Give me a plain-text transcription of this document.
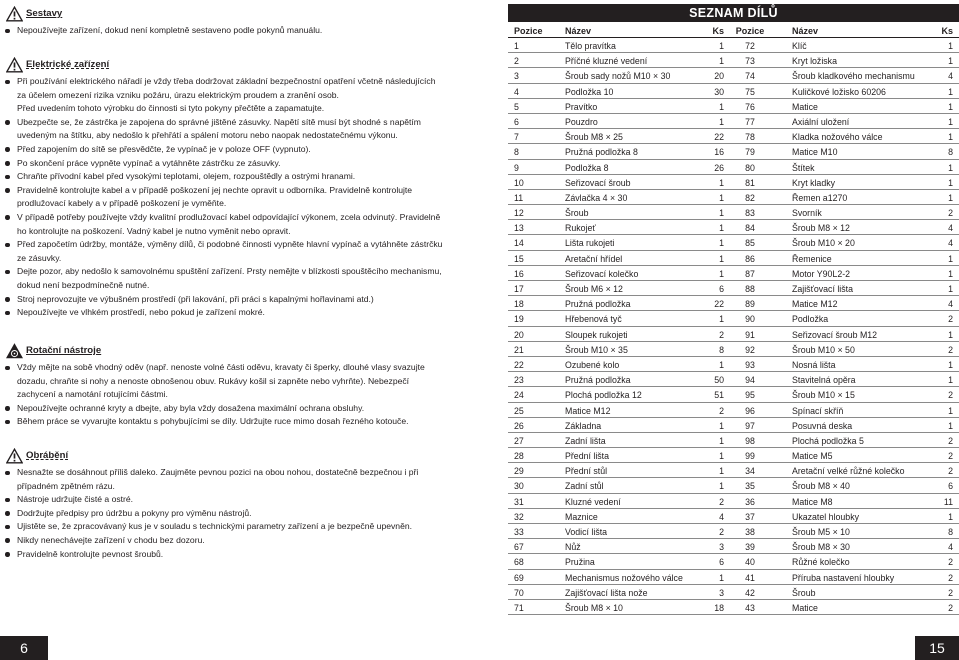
Sestavy
Nepoužívejte zařízení, dokud není kompletně sestaveno podle pokynů manuálu.
Elektrické zařízení
Při používání elektrického nářadí je vždy třeba dodržovat základní bezpečnostní opatření včetně následujících za účelem omezení rizika vzniku požáru, úrazu elektrickým proudem a zranění osob.
Před uvedením tohoto výrobku do činnosti si tyto pokyny přečtěte a zapamatujte.
Ubezpečte se, že zástrčka je zapojena do správné jištěné zásuvky. Napětí sítě musí být shodné s napětím uvedeným na štítku, aby nedošlo k přehřátí a spálení motoru nebo naopak nedostatečnému výkonu.
Před zapojením do sítě se přesvědčte, že vypínač je v poloze OFF (vypnuto).
Po skončení práce vypněte vypínač a vytáhněte zástrčku ze zásuvky.
Chraňte přívodní kabel před vysokými teplotami, olejem, rozpouštědly a ostrými hranami.
Pravidelně kontrolujte kabel a v případě poškození jej nechte opravit u odborníka. Pravidelně kontrolujte prodlužovací kabely a v případě poškození je vyměňte.
V případě potřeby používejte vždy kvalitní prodlužovací kabel odpovídající výkonem, zcela odvinutý. Pravidelně ho kontrolujte na poškození. Vadný kabel je nutno vyměnit nebo opravit.
Před započetím údržby, montáže, výměny dílů, či podobné činnosti vypněte hlavní vypínač a vytáhněte zástrčku ze zásuvky.
Dejte pozor, aby nedošlo k samovolnému spuštění zařízení. Prsty nemějte v blízkosti spouštěcího mechanismu, dokud není bezpodmínečně nutné.
Stroj neprovozujte ve výbušném prostředí (při lakování, při práci s kapalnými hořlavinami atd.)
Nepoužívejte ve vlhkém prostředí, nebo pokud je zařízení mokré.
Rotační nástroje
Vždy mějte na sobě vhodný oděv (např. nenoste volné části oděvu, kravaty či šperky, dlouhé vlasy svazujte dozadu, chraňte si nohy a nenoste obnošenou obuv. Rukávy košil si zapněte nebo vyhrňte). Nebezpečí zachycení a namotání rotujícími částmi.
Nepoužívejte ochranné kryty a dbejte, aby byla vždy dosažena maximální ochrana obsluhy.
Během práce se vyvarujte kontaktu s pohybujícími se díly. Udržujte ruce mimo dosah řezného kotouče.
Obrábění
Nesnažte se dosáhnout příliš daleko. Zaujměte pevnou pozici na obou nohou, dostatečně bezpečnou i při případném zpětném rázu.
Nástroje udržujte čisté a ostré.
Dodržujte předpisy pro údržbu a pokyny pro výměnu nástrojů.
Ujistěte se, že zpracovávaný kus je v souladu s technickými parametry zařízení a je bezpečně upevněn.
Nikdy nenechávejte zařízení v chodu bez dozoru.
Pravidelně kontrolujte pevnost šroubů.
SEZNAM DÍLŮ
Pozice	Název	Ks	Pozice	Název	Ks
1	Tělo pravítka	1	72	Klíč	1
2	Příčné kluzné vedení	1	73	Kryt ložiska	1
3	Šroub sady nožů M10 × 30	20	74	Šroub kladkového mechanismu	4
4	Podložka 10	30	75	Kuličkové ložisko 60206	1
5	Pravítko	1	76	Matice	1
6	Pouzdro	1	77	Axiální uložení	1
7	Šroub M8 × 25	22	78	Kladka nožového válce	1
8	Pružná podložka 8	16	79	Matice M10	8
9	Podložka 8	26	80	Štítek	1
10	Seřizovací šroub	1	81	Kryt kladky	1
11	Závlačka 4 × 30	1	82	Řemen a1270	1
12	Šroub	1	83	Svorník	2
13	Rukojeť	1	84	Šroub M8 × 12	4
14	Lišta rukojeti	1	85	Šroub M10 × 20	4
15	Aretační hřídel	1	86	Řemenice	1
16	Seřizovací kolečko	1	87	Motor Y90L2-2	1
17	Šroub M6 × 12	6	88	Zajišťovací lišta	1
18	Pružná podložka	22	89	Matice M12	4
19	Hřebenová tyč	1	90	Podložka	2
20	Sloupek rukojeti	2	91	Seřizovací šroub M12	1
21	Šroub M10 × 35	8	92	Šroub M10 × 50	2
22	Ozubené kolo	1	93	Nosná lišta	1
23	Pružná podložka	50	94	Stavitelná opěra	1
24	Plochá podložka 12	51	95	Šroub M10 × 15	2
25	Matice M12	2	96	Spínací skříň	1
26	Základna	1	97	Posuvná deska	1
27	Zadní lišta	1	98	Plochá podložka 5	2
28	Přední lišta	1	99	Matice M5	2
29	Přední stůl	1	34	Aretační velké růžné kolečko	2
30	Zadní stůl	1	35	Šroub M8 × 40	6
31	Kluzné vedení	2	36	Matice M8	11
32	Maznice	4	37	Ukazatel hloubky	1
33	Vodicí lišta	2	38	Šroub M5 × 10	8
67	Nůž	3	39	Šroub M8 × 30	4
68	Pružina	6	40	Růžné kolečko	2
69	Mechanismus nožového válce	1	41	Příruba nastavení hloubky	2
70	Zajišťovací lišta nože	3	42	Šroub	2
71	Šroub M8 × 10	18	43	Matice	2
6	15
